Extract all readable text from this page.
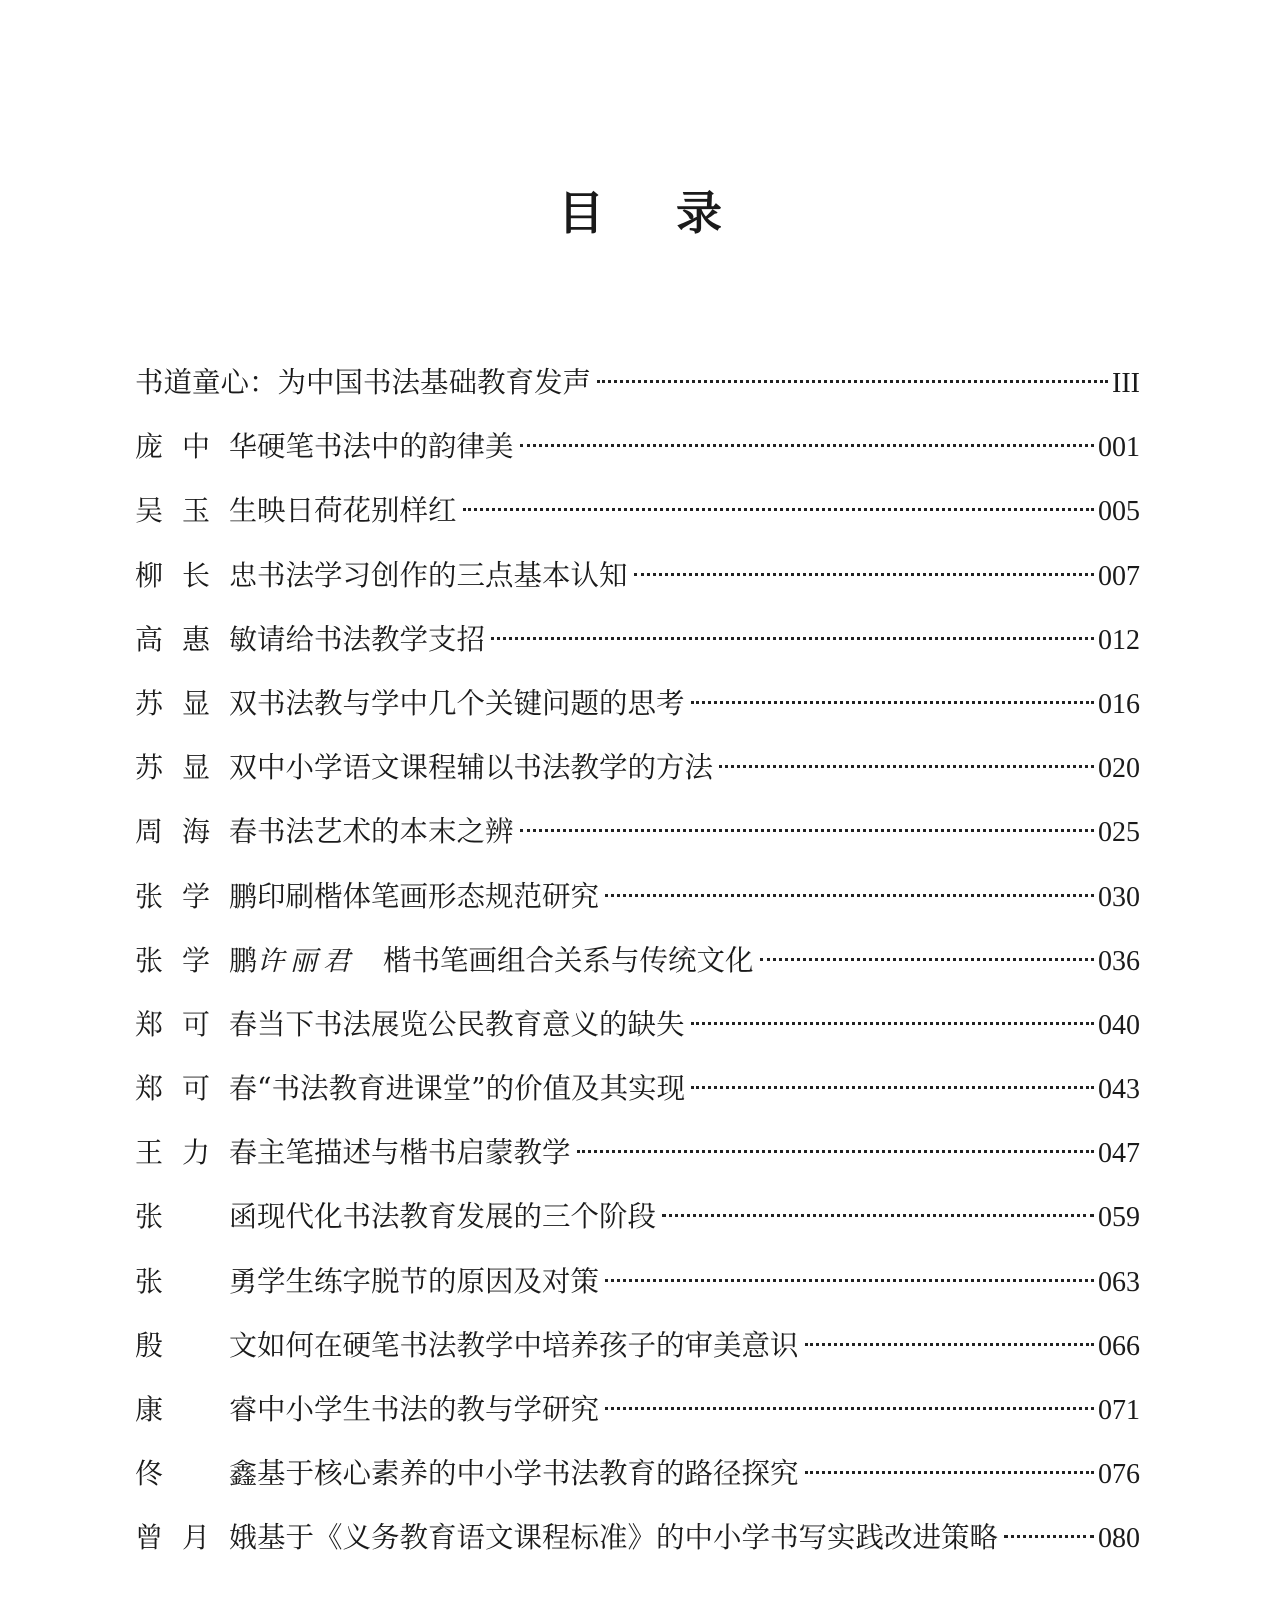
目 录
书道童心：为中国书法基础教育发声	III
庞 中 华 硬笔书法中的韵律美	001
吴 玉 生 映日荷花别样红	005
柳 长 忠 书法学习创作的三点基本认知	007
高 惠 敏 请给书法教学支招	012
苏 显 双 书法教与学中几个关键问题的思考	016
苏 显 双 中小学语文课程辅以书法教学的方法	020
周 海 春 书法艺术的本末之辨	025
张 学 鹏 印刷楷体笔画形态规范研究	030
张 学 鹏 许丽君 楷书笔画组合关系与传统文化	036
郑 可 春 当下书法展览公民教育意义的缺失	040
郑 可 春 “书法教育进课堂”的价值及其实现	043
王 力 春 主笔描述与楷书启蒙教学	047
张 函 现代化书法教育发展的三个阶段	059
张 勇 学生练字脱节的原因及对策	063
殷 文 如何在硬笔书法教学中培养孩子的审美意识	066
康 睿 中小学生书法的教与学研究	071
佟 鑫 基于核心素养的中小学书法教育的路径探究	076
曾 月 娥 基于《义务教育语文课程标准》的中小学书写实践改进策略	080
